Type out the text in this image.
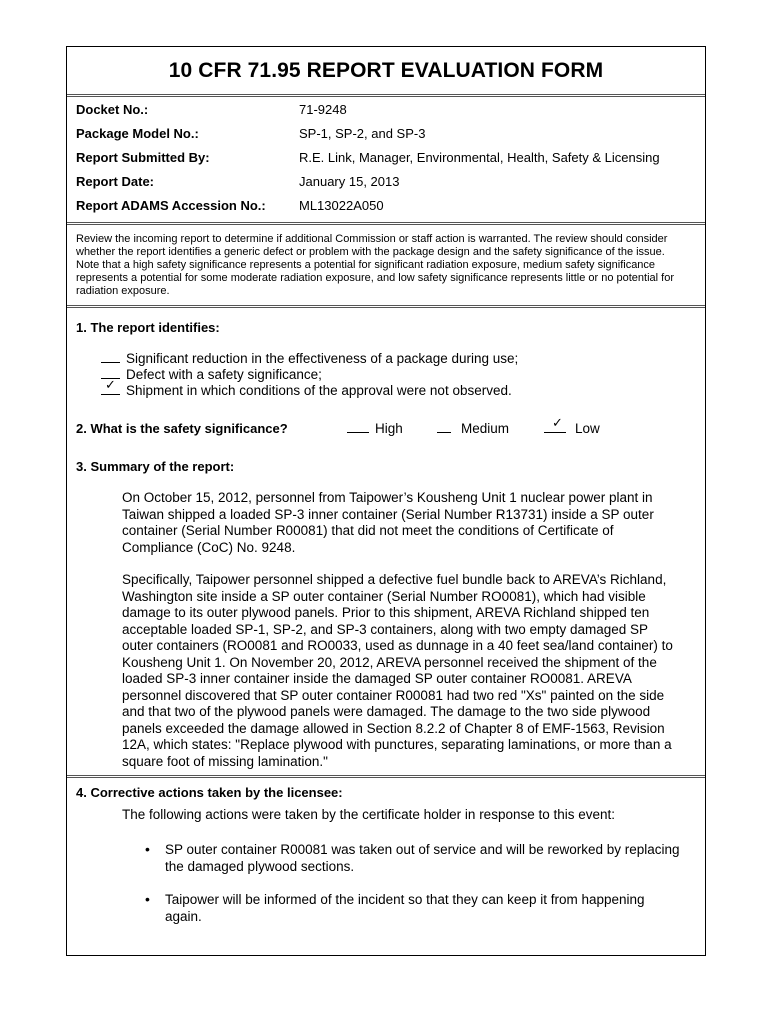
10 CFR 71.95 REPORT EVALUATION FORM
Docket No.:	71-9248
Package Model No.:	SP-1, SP-2, and SP-3
Report Submitted By:	R.E. Link, Manager, Environmental, Health, Safety & Licensing
Report Date:	January 15, 2013
Report ADAMS Accession No.:	ML13022A050
Review the incoming report to determine if additional Commission or staff action is warranted. The review should consider
whether the report identifies a generic defect or problem with the package design and the safety significance of the issue.
Note that a high safety significance represents a potential for significant radiation exposure, medium safety significance
represents a potential for some moderate radiation exposure, and low safety significance represents little or no potential for
radiation exposure.
1. The report identifies:
Significant reduction in the effectiveness of a package during use;
Defect with a safety significance;
✓Shipment in which conditions of the approval were not observed.
2. What is the safety significance?	High	Medium
✓	Low
3. Summary of the report:
On October 15, 2012, personnel from Taipower’s Kousheng Unit 1 nuclear power plant in
Taiwan shipped a loaded SP-3 inner container (Serial Number R13731) inside a SP outer
container (Serial Number R00081) that did not meet the conditions of Certificate of
Compliance (CoC) No. 9248.
Specifically, Taipower personnel shipped a defective fuel bundle back to AREVA’s Richland,
Washington site inside a SP outer container (Serial Number RO0081), which had visible
damage to its outer plywood panels. Prior to this shipment, AREVA Richland shipped ten
acceptable loaded SP-1, SP-2, and SP-3 containers, along with two empty damaged SP
outer containers (RO0081 and RO0033, used as dunnage in a 40 feet sea/land container) to
Kousheng Unit 1. On November 20, 2012, AREVA personnel received the shipment of the
loaded SP-3 inner container inside the damaged SP outer container RO0081. AREVA
personnel discovered that SP outer container R00081 had two red "Xs" painted on the side
and that two of the plywood panels were damaged. The damage to the two side plywood
panels exceeded the damage allowed in Section 8.2.2 of Chapter 8 of EMF-1563, Revision
12A, which states: "Replace plywood with punctures, separating laminations, or more than a
square foot of missing lamination."
4. Corrective actions taken by the licensee:
The following actions were taken by the certificate holder in response to this event:
• SP outer container R00081 was taken out of service and will be reworked by replacing
the damaged plywood sections.
• Taipower will be informed of the incident so that they can keep it from happening
again.
